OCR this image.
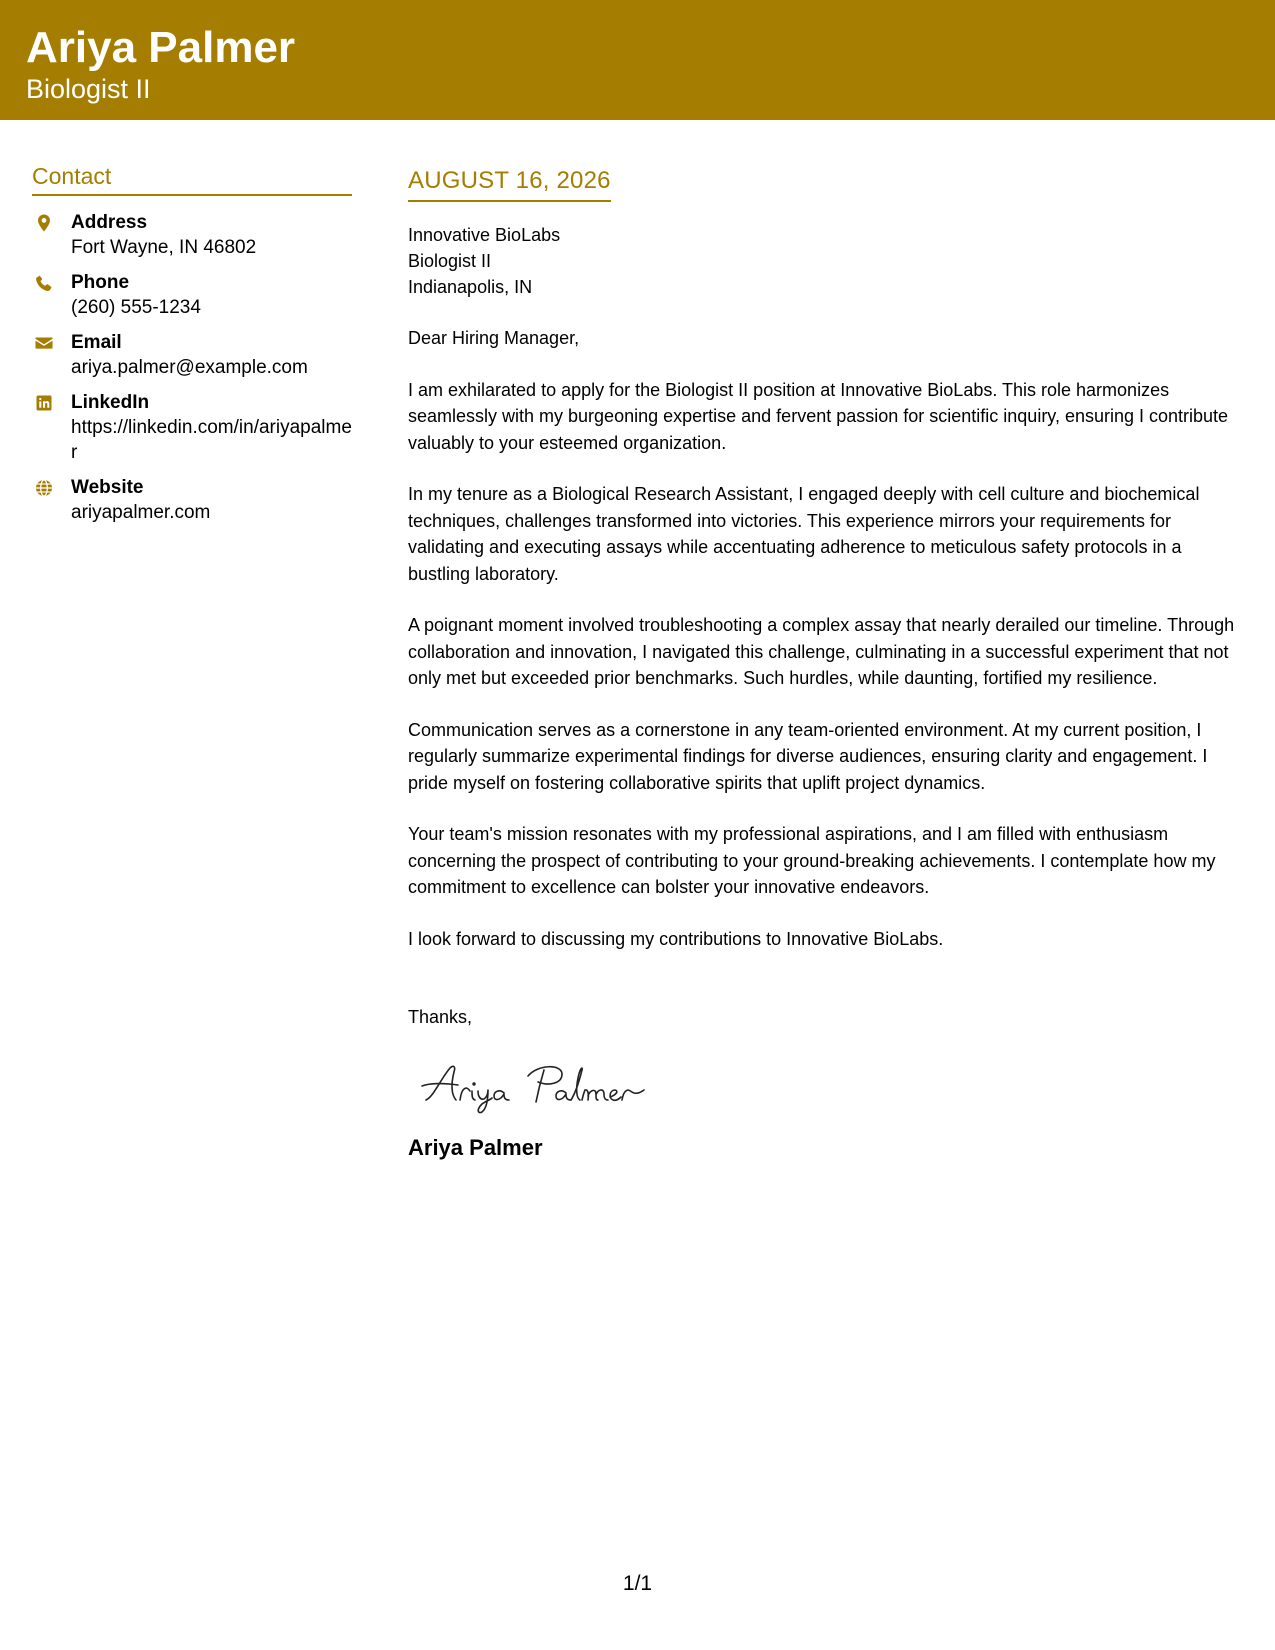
Ariya Palmer
Biologist II
Contact
Address
Fort Wayne, IN 46802
Phone
(260) 555-1234
Email
ariya.palmer@example.com
LinkedIn
https://linkedin.com/in/ariyapalmer
Website
ariyapalmer.com
AUGUST 16, 2026
Innovative BioLabs
Biologist II
Indianapolis, IN
Dear Hiring Manager,
I am exhilarated to apply for the Biologist II position at Innovative BioLabs. This role harmonizes seamlessly with my burgeoning expertise and fervent passion for scientific inquiry, ensuring I contribute valuably to your esteemed organization.
In my tenure as a Biological Research Assistant, I engaged deeply with cell culture and biochemical techniques, challenges transformed into victories. This experience mirrors your requirements for validating and executing assays while accentuating adherence to meticulous safety protocols in a bustling laboratory.
A poignant moment involved troubleshooting a complex assay that nearly derailed our timeline. Through collaboration and innovation, I navigated this challenge, culminating in a successful experiment that not only met but exceeded prior benchmarks. Such hurdles, while daunting, fortified my resilience.
Communication serves as a cornerstone in any team-oriented environment. At my current position, I regularly summarize experimental findings for diverse audiences, ensuring clarity and engagement. I pride myself on fostering collaborative spirits that uplift project dynamics.
Your team's mission resonates with my professional aspirations, and I am filled with enthusiasm concerning the prospect of contributing to your ground-breaking achievements. I contemplate how my commitment to excellence can bolster your innovative endeavors.
I look forward to discussing my contributions to Innovative BioLabs.
Thanks,
Ariya Palmer
1/1
